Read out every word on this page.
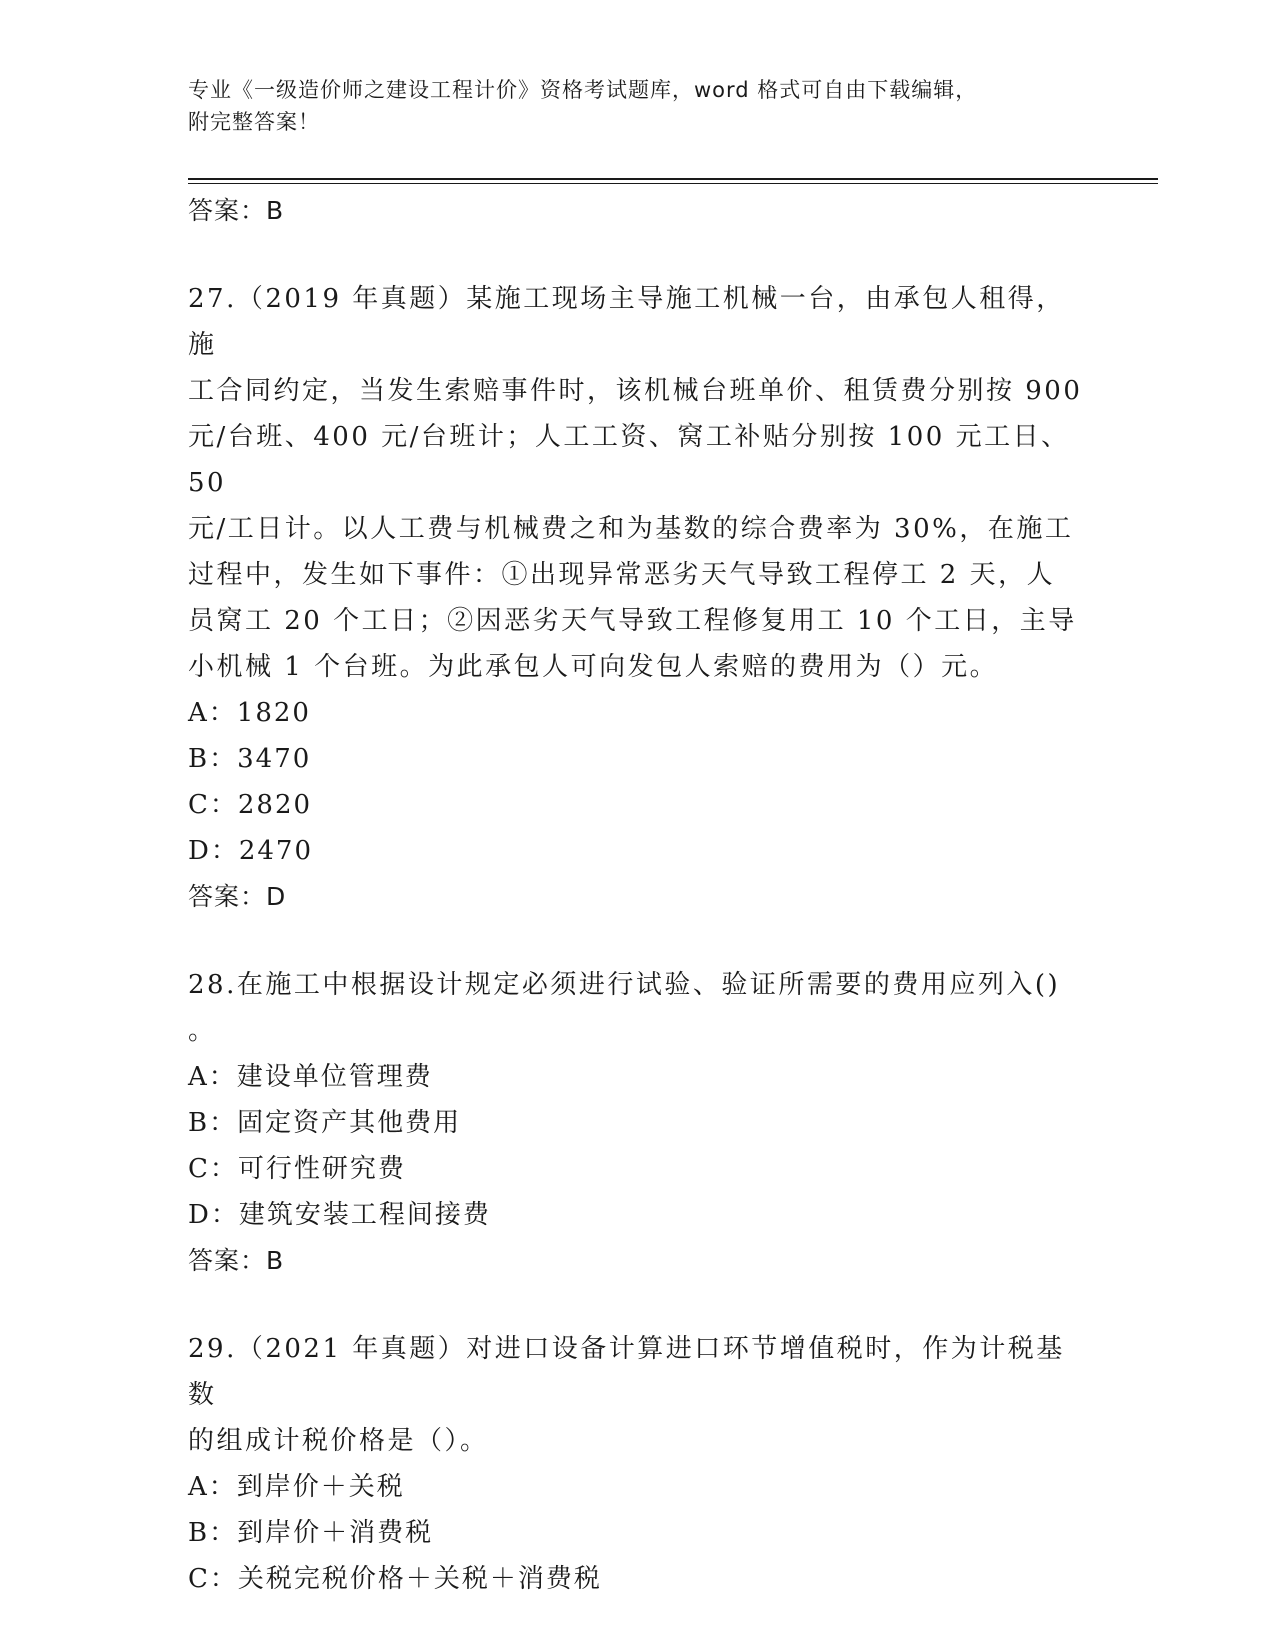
专业《一级造价师之建设工程计价》资格考试题库，word 格式可自由下载编辑，
附完整答案！

答案：B

27.（2019 年真题）某施工现场主导施工机械一台，由承包人租得，施

工合同约定，当发生索赔事件时，该机械台班单价、租赁费分别按 900

元/台班、400 元/台班计；人工工资、窝工补贴分别按 100 元工日、50

元/工日计。以人工费与机械费之和为基数的综合费率为 30%，在施工

过程中，发生如下事件：①出现异常恶劣天气导致工程停工 2 天，人

员窝工 20 个工日；②因恶劣天气导致工程修复用工 10 个工日，主导

小机械 1 个台班。为此承包人可向发包人索赔的费用为（）元。

A：1820

B：3470

C：2820

D：2470

答案：D

28.在施工中根据设计规定必须进行试验、验证所需要的费用应列入()

。

A：建设单位管理费

B：固定资产其他费用

C：可行性研究费

D：建筑安装工程间接费

答案：B

29.（2021 年真题）对进口设备计算进口环节增值税时，作为计税基数

的组成计税价格是（）。

A：到岸价＋关税

B：到岸价＋消费税

C：关税完税价格＋关税＋消费税
